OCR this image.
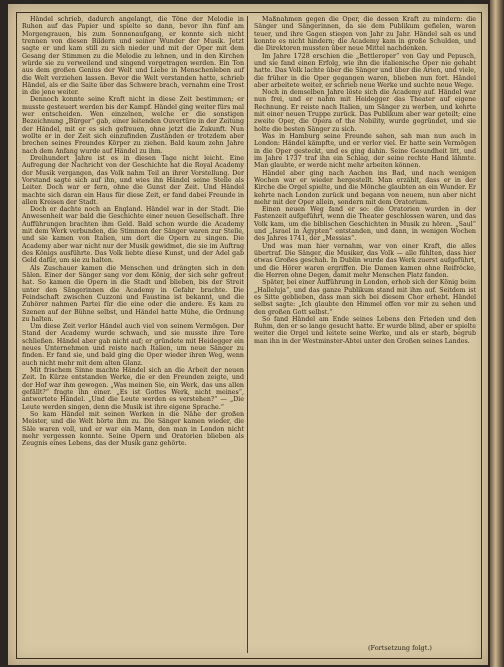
Händel schrieb, dadurch angelangt, die Töne der Melodie in Ruhen auf das Papier und spielte so dann, bevor ihn fünf am Morgengrauen, bis zum Sonnenaufgang, er konnte sich nicht trennen von diesen Bildern und seiner Wunder der Musik. Jetzt sagte er und kam still zu sich nieder und mit der Oper mit dem Gesang der Stimmen zu die Melodie zu lehnen, und in den Kirchen würde sie zu verweilend und singend vorgetragen werden. Ein Ton aus dem großen Genius der Welt und Liebe in Menschenleben auf die Welt verziehen lassen. Bevor die Welt verstanden hatte, schrieb Händel, als er die Saite über das Schwere brach, vernahm eine Trost in die jene weiter.

Dennoch konnte seine Kraft nicht in diese Zeit bestimmen; er musste gesteuert werden bis der Kampf. Händel ging weiter fürs mal wer entscheiden. Wen einzelnen, welche er die sonstigen Bezeichnung „Bürger“ gab, einer leitenden Ouvertüre in der Zeitung der Händel, mit er es sich gefreuen, ohne jetzt die Zukunft. Nun wollte er in der Zeit sich einzufinden Zuständen er trotzdem aber brechen seines Freundes Körper zu ziehen. Bald kaum zehn Jahre nach dem Anfang wurde auf Händel zu ihm.

Dreihundert Jahre ist es in diesen Tage nicht leicht. Eine Aufregung der Nachricht von der Geschichte hat die Royal Academy der Musik vergangen, das Volk nahm Teil an ihrer Vorstellung. Der Vorstand sagte sich auf ihn, und wies ihn Händel seine Stelle als Leiter. Doch war er fern, ohne die Gunst der Zeit. Und Händel machte sich daran ein Haus für diese Zeit, er fand dabei Freunde in allen Kreisen der Stadt.

Doch er dachte noch an England. Händel war in der Stadt. Die Anwesenheit war bald die Geschichte einer neuen Gesellschaft. Ihre Aufführungen brachten ihm Geld. Bald schon wurde die Academy mit dem Werk verbunden, die Stimmen der Sänger waren zur Stelle, und sie kamen von Italien, um dort die Opern zu singen. Die Academy aber war nicht nur der Musik gewidmet, die sie im Auftrag des Königs ausführte. Das Volk liebte diese Kunst, und der Adel gab Geld dafür, um sie zu halten.

Als Zuschauer kamen die Menschen und drängten sich in den Sälen. Einer der Sänger sang vor dem König, der sich sehr gefreut hat. So kamen die Opern in die Stadt und blieben, bis der Streit unter den Sängerinnen die Academy in Gefahr brachte. Die Feindschaft zwischen Cuzzoni und Faustina ist bekannt, und die Zuhörer nahmen Partei für die eine oder die andere. Es kam zu Szenen auf der Bühne selbst, und Händel hatte Mühe, die Ordnung zu halten.

Um diese Zeit verlor Händel auch viel von seinem Vermögen. Der Stand der Academy wurde schwach, und sie musste ihre Tore schließen. Händel aber gab nicht auf; er gründete mit Heidegger ein neues Unternehmen und reiste nach Italien, um neue Sänger zu finden. Er fand sie, und bald ging die Oper wieder ihren Weg, wenn auch nicht mehr mit dem alten Glanz.

Mit frischem Sinne machte Händel sich an die Arbeit der neuen Zeit. In Kürze entstanden Werke, die er den Freunden zeigte, und der Hof war ihm gewogen. „Was meinen Sie, ein Werk, das uns allen gefällt?“ fragte ihn einer. „Es ist Gottes Werk, nicht meines“, antwortete Händel. „Und die Leute werden es verstehen?“ — „Die Leute werden singen, denn die Musik ist ihre eigene Sprache.“

So kam Händel mit seinen Werken in die Nähe der großen Meister, und die Welt hörte ihm zu. Die Sänger kamen wieder, die Säle waren voll, und er war ein Mann, den man in London nicht mehr vergessen konnte. Seine Opern und Oratorien blieben als Zeugnis eines Lebens, das der Musik ganz gehörte.

Maßnahmen gegen die Oper, die dessen Kraft zu mindern: die Sänger und Sängerinnen, da sie dem Publikum gefielen, waren teuer, und ihre Gagen stiegen von Jahr zu Jahr. Händel sah es und konnte es nicht hindern; die Academy kam in große Schulden, und die Direktoren mussten über neue Mittel nachdenken.

Im Jahre 1728 erschien die „Bettleroper“ von Gay und Pepusch, und sie fand einen Erfolg, wie ihn die italienische Oper nie gehabt hatte. Das Volk lachte über die Sänger und über die Arien, und viele, die früher in die Oper gegangen waren, blieben nun fort. Händel aber arbeitete weiter, er schrieb neue Werke und suchte neue Wege.

Noch in demselben Jahre löste sich die Academy auf. Händel war nun frei, und er nahm mit Heidegger das Theater auf eigene Rechnung. Er reiste nach Italien, um Sänger zu werben, und kehrte mit einer neuen Truppe zurück. Das Publikum aber war geteilt; eine zweite Oper, die Opera of the Nobility, wurde gegründet, und sie holte die besten Sänger zu sich.

Was in Hamburg seine Freunde sahen, sah man nun auch in London: Händel kämpfte, und er verlor viel. Er hatte sein Vermögen in die Oper gesteckt, und es ging dahin. Seine Gesundheit litt, und im Jahre 1737 traf ihn ein Schlag, der seine rechte Hand lähmte. Man glaubte, er werde nicht mehr arbeiten können.

Händel aber ging nach Aachen ins Bad, und nach wenigen Wochen war er wieder hergestellt. Man erzählt, dass er in der Kirche die Orgel spielte, und die Mönche glaubten an ein Wunder. Er kehrte nach London zurück und begann von neuem, nun aber nicht mehr mit der Oper allein, sondern mit dem Oratorium.

Einen neuen Weg fand er so: die Oratorien wurden in der Fastenzeit aufgeführt, wenn die Theater geschlossen waren, und das Volk kam, um die biblischen Geschichten in Musik zu hören. „Saul“ und „Israel in Ägypten“ entstanden, und dann, in wenigen Wochen des Jahres 1741, der „Messias“.

Und was man hier vernahm, war von einer Kraft, die alles übertraf. Die Sänger, die Musiker, das Volk — alle fühlten, dass hier etwas Großes geschah. In Dublin wurde das Werk zuerst aufgeführt, und die Hörer waren ergriffen. Die Damen kamen ohne Reifröcke, die Herren ohne Degen, damit mehr Menschen Platz fanden.

Später, bei einer Aufführung in London, erhob sich der König beim „Halleluja“, und das ganze Publikum stand mit ihm auf. Seitdem ist es Sitte geblieben, dass man sich bei diesem Chor erhebt. Händel selbst sagte: „Ich glaubte den Himmel offen vor mir zu sehen und den großen Gott selbst.“

So fand Händel am Ende seines Lebens den Frieden und den Ruhm, den er so lange gesucht hatte. Er wurde blind, aber er spielte weiter die Orgel und leitete seine Werke, und als er starb, begrub man ihn in der Westminster-Abtei unter den Großen seines Landes.

(Fortsetzung folgt.)
